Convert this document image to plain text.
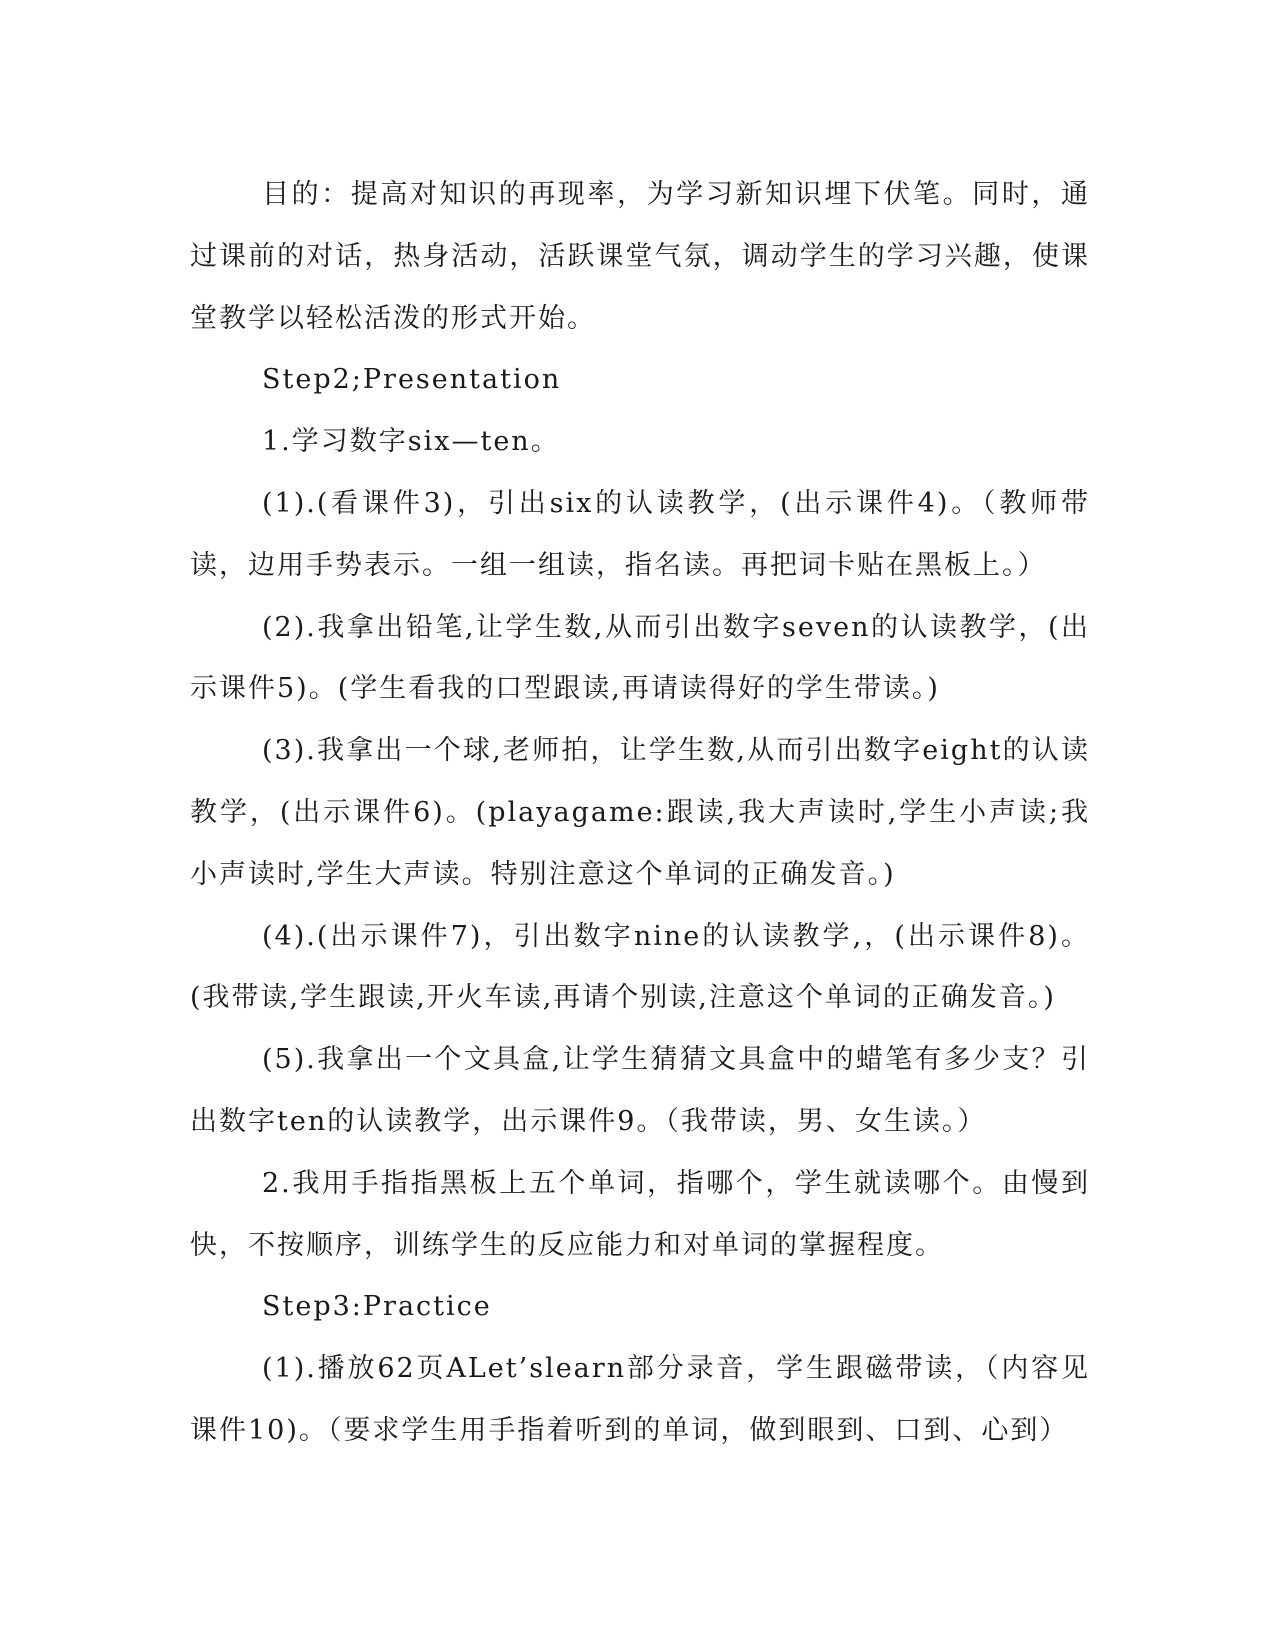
目的：提高对知识的再现率，为学习新知识埋下伏笔。同时，通过课前的对话，热身活动，活跃课堂气氛，调动学生的学习兴趣，使课堂教学以轻松活泼的形式开始。

Step2;Presentation

1.学习数字six—ten。

(1).(看课件3)，引出six的认读教学，(出示课件4)。（教师带读，边用手势表示。一组一组读，指名读。再把词卡贴在黑板上。）

(2).我拿出铅笔,让学生数,从而引出数字seven的认读教学，(出示课件5)。(学生看我的口型跟读,再请读得好的学生带读。)

(3).我拿出一个球,老师拍，让学生数,从而引出数字eight的认读教学，(出示课件6)。(playagame:跟读,我大声读时,学生小声读;我小声读时,学生大声读。特别注意这个单词的正确发音。)

(4).(出示课件7)，引出数字nine的认读教学,，(出示课件8)。(我带读,学生跟读,开火车读,再请个别读,注意这个单词的正确发音。)

(5).我拿出一个文具盒,让学生猜猜文具盒中的蜡笔有多少支？引出数字ten的认读教学，出示课件9。（我带读，男、女生读。）

2.我用手指指黑板上五个单词，指哪个，学生就读哪个。由慢到快，不按顺序，训练学生的反应能力和对单词的掌握程度。

Step3:Practice

(1).播放62页ALet’slearn部分录音，学生跟磁带读，（内容见课件10)。（要求学生用手指着听到的单词，做到眼到、口到、心到）
